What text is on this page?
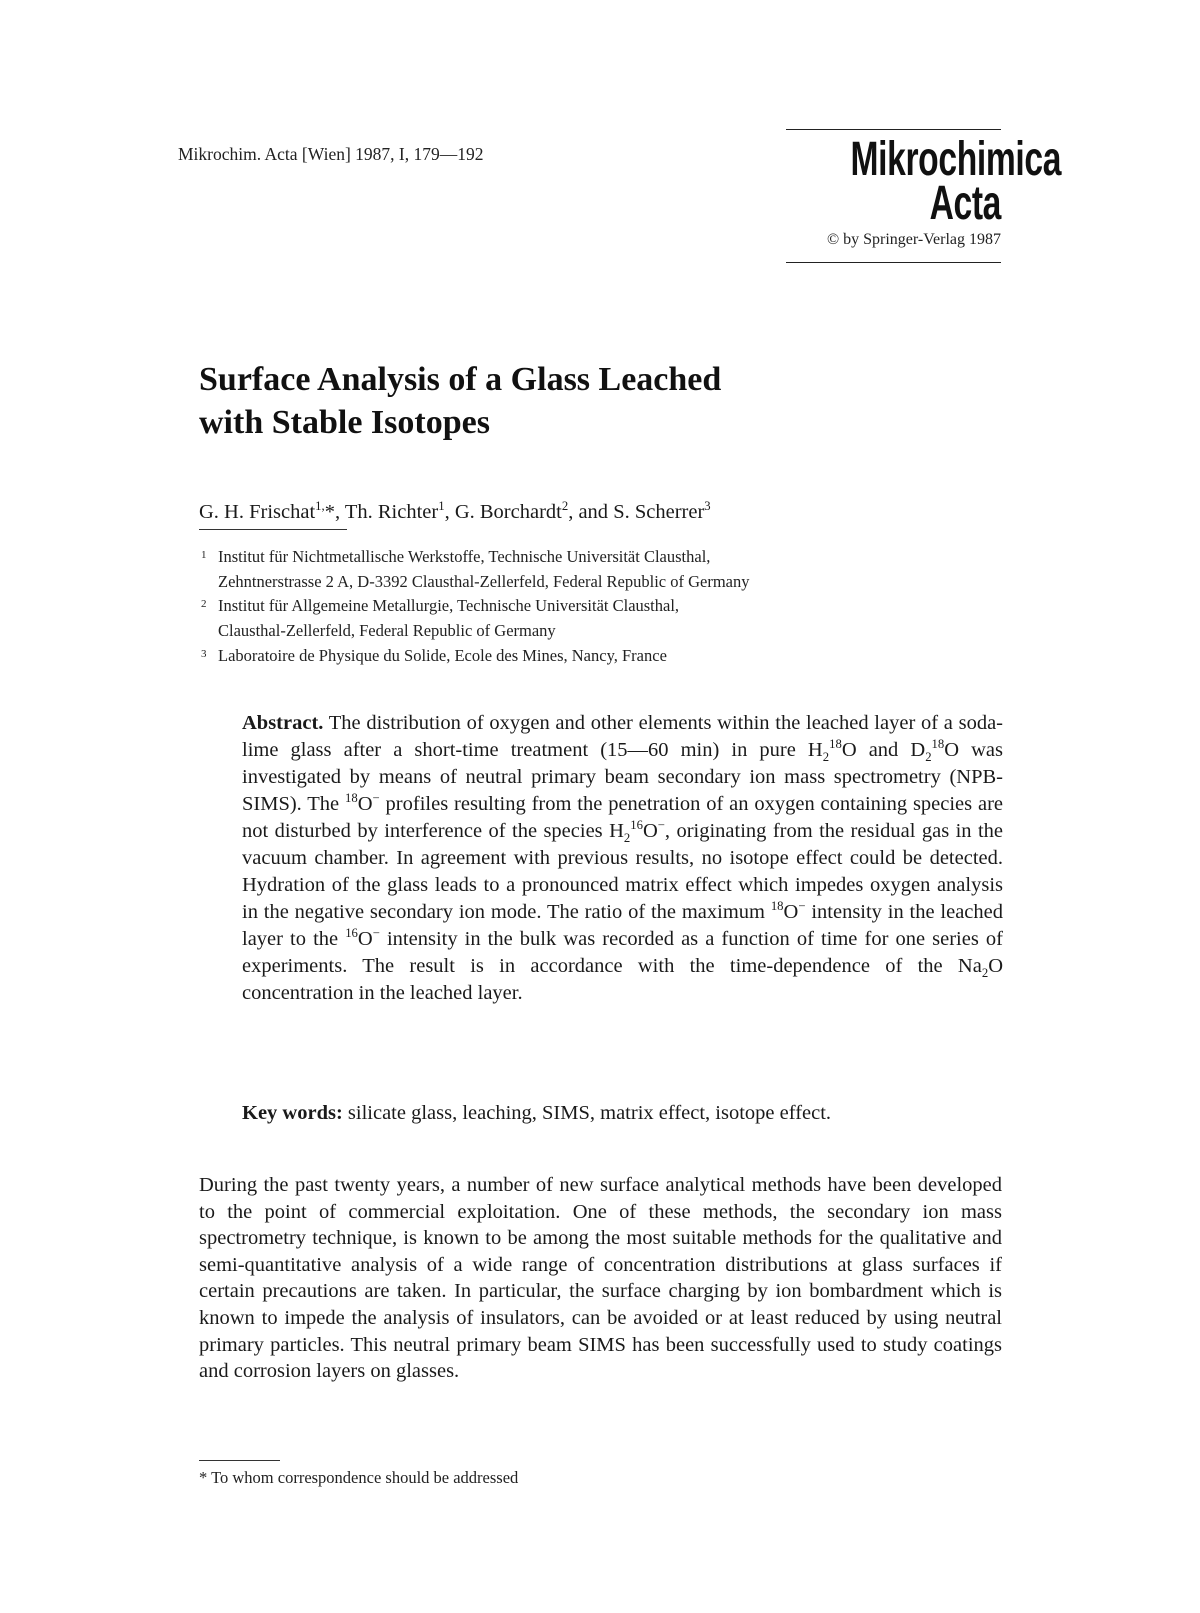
Mikrochim. Acta [Wien] 1987, I, 179—192	Mikrochimica
Acta
© by Springer-Verlag 1987
Surface Analysis of a Glass Leached
with Stable Isotopes
G. H. Frischat$^{1,}$*, Th. Richter$^1$, G. Borchardt$^2$, and S. Scherrer$^3$
1 Institut für Nichtmetallische Werkstoffe, Technische Universität Clausthal,
Zehntnerstrasse 2 A, D-3392 Clausthal-Zellerfeld, Federal Republic of Germany
2 Institut für Allgemeine Metallurgie, Technische Universität Clausthal,
Clausthal-Zellerfeld, Federal Republic of Germany
3 Laboratoire de Physique du Solide, Ecole des Mines, Nancy, France
Abstract. The distribution of oxygen and other elements within the leached layer of a soda-lime glass after a short-time treatment (15—60 min) in pure $H_2^{18}O$ and $D_2^{18}O$ was investigated by means of neutral primary beam secondary ion mass spectrometry (NPB-SIMS). The $^{18}$O− profiles resulting from the penetration of an oxygen containing species are not disturbed by interference of the species $H_2^{16}O^-$, originating from the residual gas in the vacuum chamber. In agreement with previous results, no isotope effect could be detected. Hydration of the glass leads to a pronounced matrix effect which impedes oxygen analysis in the negative secondary ion mode. The ratio of the maximum $^{18}$O− intensity in the leached layer to the $^{16}$O− intensity in the bulk was recorded as a function of time for one series of experiments. The result is in accordance with the time-dependence of the $Na_2O$ concentration in the leached layer.
Key words: silicate glass, leaching, SIMS, matrix effect, isotope effect.
During the past twenty years, a number of new surface analytical methods have been developed to the point of commercial exploitation. One of these methods, the secondary ion mass spectrometry technique, is known to be among the most suitable methods for the qualitative and semi-quantitative analysis of a wide range of concentration distributions at glass surfaces if certain precautions are taken. In particular, the surface charging by ion bombardment which is known to impede the analysis of insulators, can be avoided or at least reduced by using neutral primary particles. This neutral primary beam SIMS has been successfully used to study coatings and corrosion layers on glasses.
* To whom correspondence should be addressed
